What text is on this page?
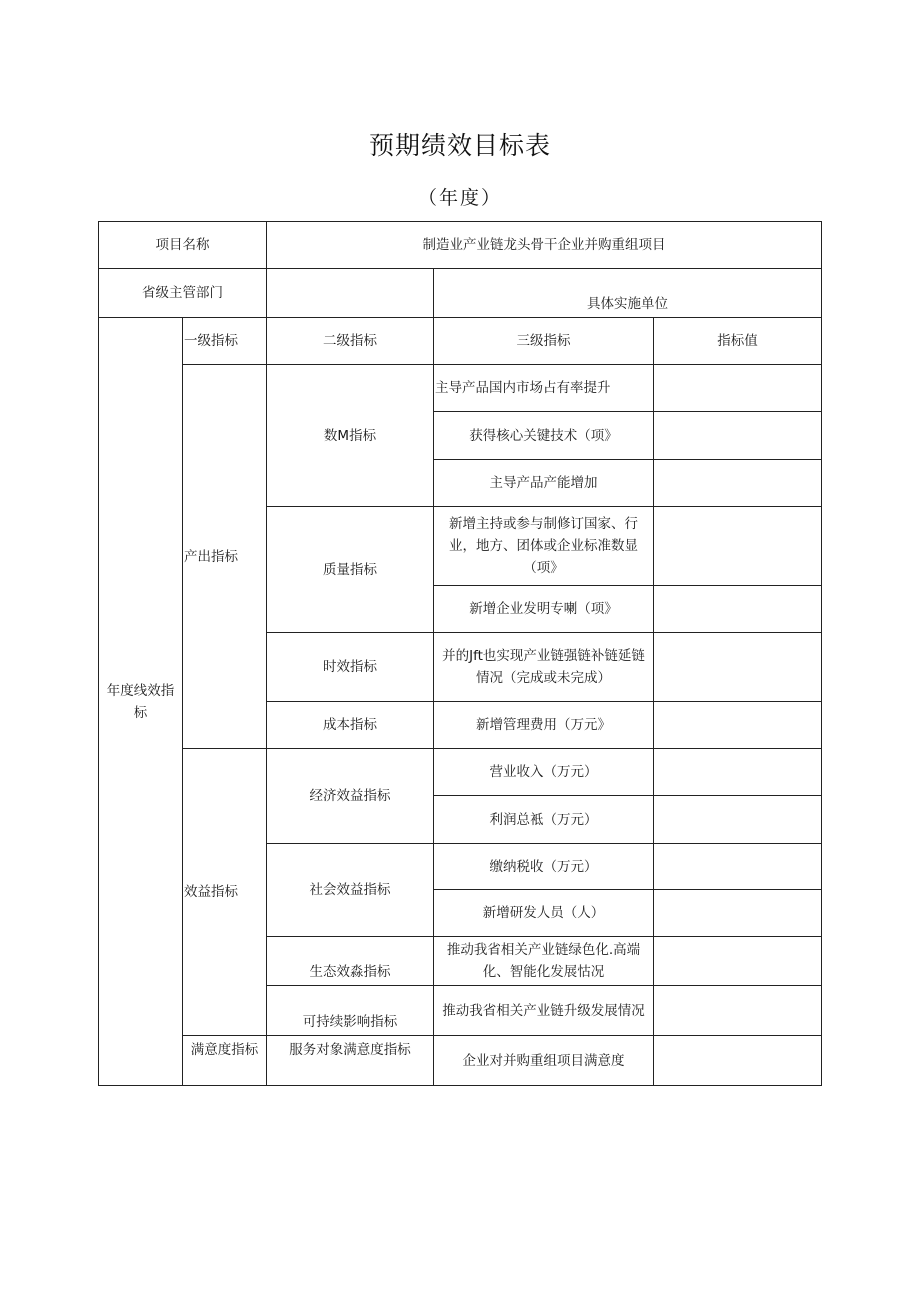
预期绩效目标表
（年度）
项目名称		制造业产业链龙头骨干企业并购重组项目		
省级主管部门			具体实施单位	
年度线效指标	一级指标	二级指标	三级指标	指标值
	产出指标	数M指标	主导产品国内市场占有率提升	
			获得核心关键技术（项》	
			主导产品产能增加	
		质量指标	新增主持或参与制修订国家、行业，地方、团体或企业标准数显（项》	
			新增企业发明专喇（项》	
		时效指标	并的Jft也实现产业链强链补链延链情况（完成或未完成）	
		成本指标	新增管理费用（万元》	
	效益指标	经济效益指标	营业收入（万元）	
			利润总袛（万元）	
		社会效益指标	缴纳税收（万元）	
			新增研发人员（人）	
		生态效淼指标	推动我省相关产业链绿色化.高端化、智能化发展怙况	
		可持续影响指标	推动我省相关产业链升级发展情况	
	满意度指标	服务对象满意度指标	企业对并购重组项目满意度	
